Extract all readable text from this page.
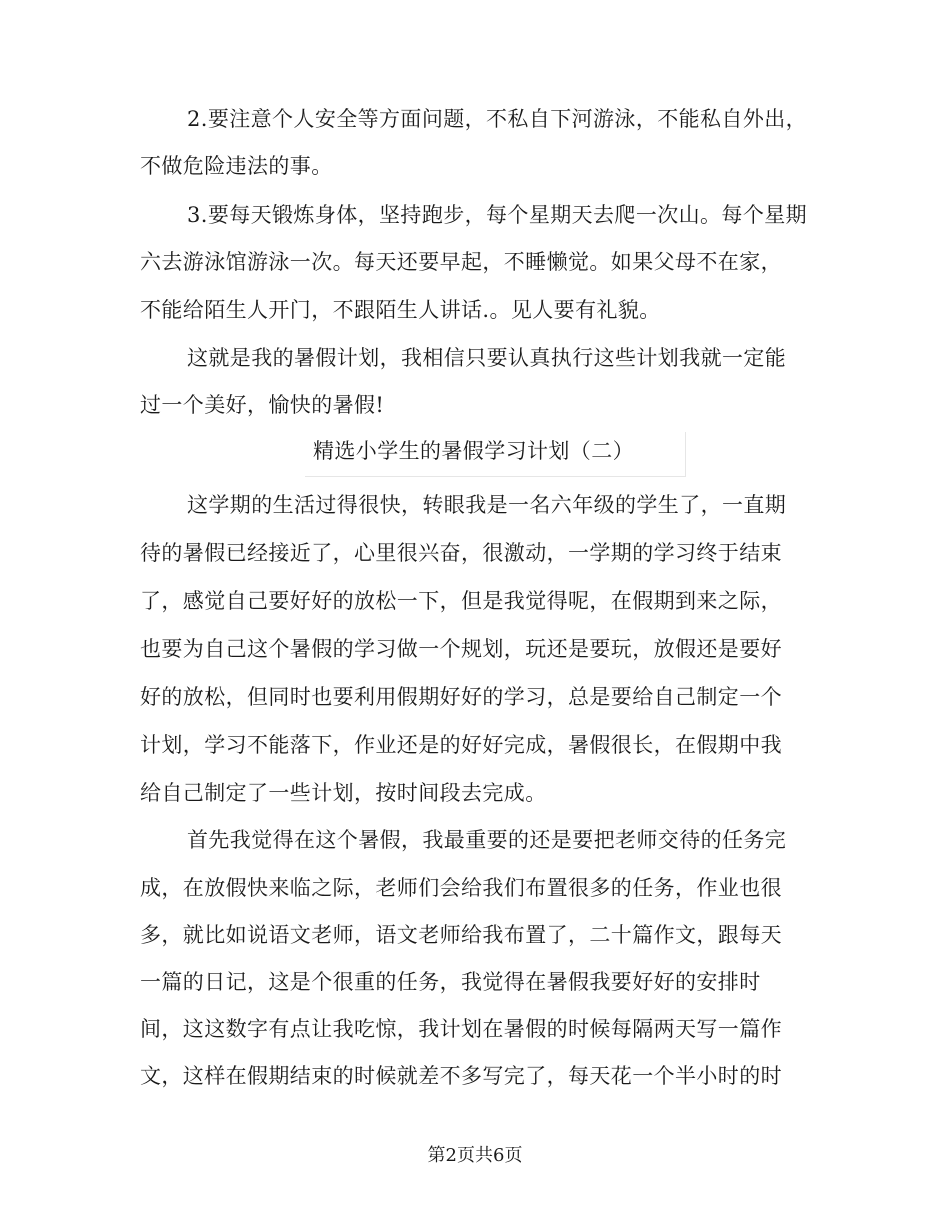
2.要注意个人安全等方面问题，不私自下河游泳，不能私自外出，
不做危险违法的事。
3.要每天锻炼身体，坚持跑步，每个星期天去爬一次山。每个星期
六去游泳馆游泳一次。每天还要早起，不睡懒觉。如果父母不在家，
不能给陌生人开门，不跟陌生人讲话.。见人要有礼貌。
这就是我的暑假计划，我相信只要认真执行这些计划我就一定能
过一个美好，愉快的暑假!
精选小学生的暑假学习计划（二）
这学期的生活过得很快，转眼我是一名六年级的学生了，一直期
待的暑假已经接近了，心里很兴奋，很激动，一学期的学习终于结束
了，感觉自己要好好的放松一下，但是我觉得呢，在假期到来之际，
也要为自己这个暑假的学习做一个规划，玩还是要玩，放假还是要好
好的放松，但同时也要利用假期好好的学习，总是要给自己制定一个
计划，学习不能落下，作业还是的好好完成，暑假很长，在假期中我
给自己制定了一些计划，按时间段去完成。
首先我觉得在这个暑假，我最重要的还是要把老师交待的任务完
成，在放假快来临之际，老师们会给我们布置很多的任务，作业也很
多，就比如说语文老师，语文老师给我布置了，二十篇作文，跟每天
一篇的日记，这是个很重的任务，我觉得在暑假我要好好的安排时
间，这这数字有点让我吃惊，我计划在暑假的时候每隔两天写一篇作
文，这样在假期结束的时候就差不多写完了，每天花一个半小时的时
第2页共6页
